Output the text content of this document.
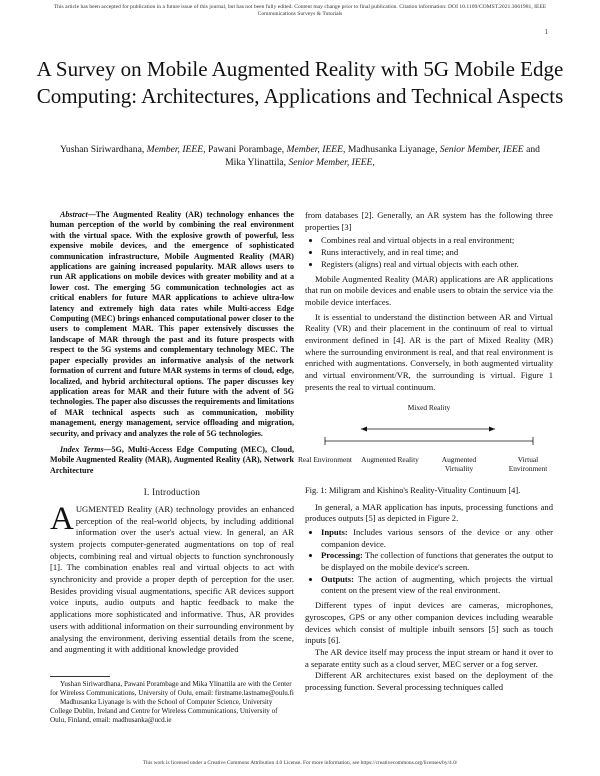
This article has been accepted for publication in a future issue of this journal, but has not been fully edited. Content may change prior to final publication. Citation information: DOI 10.1109/COMST.2021.3061981, IEEE
Communications Surveys & Tutorials
1
A Survey on Mobile Augmented Reality with 5G Mobile Edge Computing: Architectures, Applications and Technical Aspects
Yushan Siriwardhana, Member, IEEE, Pawani Porambage, Member, IEEE, Madhusanka Liyanage, Senior Member, IEEE and Mika Ylinattila, Senior Member, IEEE,

Abstract—The Augmented Reality (AR) technology enhances the human perception of the world by combining the real environment with the virtual space. With the explosive growth of powerful, less expensive mobile devices, and the emergence of sophisticated communication infrastructure, Mobile Augmented Reality (MAR) applications are gaining increased popularity. MAR allows users to run AR applications on mobile devices with greater mobility and at a lower cost. The emerging 5G communication technologies act as critical enablers for future MAR applications to achieve ultra-low latency and extremely high data rates while Multi-access Edge Computing (MEC) brings enhanced computational power closer to the users to complement MAR. This paper extensively discusses the landscape of MAR through the past and its future prospects with respect to the 5G systems and complementary technology MEC. The paper especially provides an informative analysis of the network formation of current and future MAR systems in terms of cloud, edge, localized, and hybrid architectural options. The paper discusses key application areas for MAR and their future with the advent of 5G technologies. The paper also discusses the requirements and limitations of MAR technical aspects such as communication, mobility management, energy management, service offloading and migration, security, and privacy and analyzes the role of 5G technologies.

Index Terms—5G, Multi-Access Edge Computing (MEC), Cloud, Mobile Augmented Reality (MAR), Augmented Reality (AR), Network Architecture

I. Introduction

AUGMENTED Reality (AR) technology provides an enhanced perception of the real-world objects, by including additional information over the user's actual view. In general, an AR system projects computer-generated augmentations on top of real objects, combining real and virtual objects to function synchronously [1]. The combination enables real and virtual objects to act with synchronicity and provide a proper depth of perception for the user. Besides providing visual augmentations, specific AR devices support voice inputs, audio outputs and haptic feedback to make the applications more sophisticated and informative. Thus, AR provides users with additional information on their surrounding environment by analysing the environment, deriving essential details from the scene, and augmenting it with additional knowledge provided

Yushan Siriwardhana, Pawani Porambage and Mika Ylinattila are with the Center for Wireless Communications, University of Oulu, email: firstname.lastname@oulu.fi

Madhusanka Liyanage is with the School of Computer Science, University College Dublin, Ireland and Centre for Wireless Communications, University of Oulu, Finland, email: madhusanka@ucd.ie

from databases [2]. Generally, an AR system has the following three properties [3]

• Combines real and virtual objects in a real environment;
• Runs interactively, and in real time; and
• Registers (aligns) real and virtual objects with each other.

Mobile Augmented Reality (MAR) applications are AR applications that run on mobile devices and enable users to obtain the service via the mobile device interfaces.

It is essential to understand the distinction between AR and Virtual Reality (VR) and their placement in the continuum of real to virtual environment defined in [4]. AR is the part of Mixed Reality (MR) where the surrounding environment is real, and that real environment is enriched with augmentations. Conversely, in both augmented virtuality and virtual environment/VR, the surrounding is virtual. Figure 1 presents the real to virtual continuum.

Mixed Reality
Real Environment	Augmented Reality	Augmented Virtuality
Virtual Environment

Fig. 1: Miligram and Kishino's Reality-Vituality Continuum [4].

In general, a MAR application has inputs, processing functions and produces outputs [5] as depicted in Figure 2.

• Inputs: Includes various sensors of the device or any other companion device.
• Processing: The collection of functions that generates the output to be displayed on the mobile device's screen.
• Outputs: The action of augmenting, which projects the virtual content on the present view of the real environment.

Different types of input devices are cameras, microphones, gyroscopes, GPS or any other companion devices including wearable devices which consist of multiple inbuilt sensors [5] such as touch inputs [6].

The AR device itself may process the input stream or hand it over to a separate entity such as a cloud server, MEC server or a fog server.

Different AR architectures exist based on the deployment of the processing function. Several processing techniques called

This work is licensed under a Creative Commons Attribution 4.0 License. For more information, see https://creativecommons.org/licenses/by/4.0/
